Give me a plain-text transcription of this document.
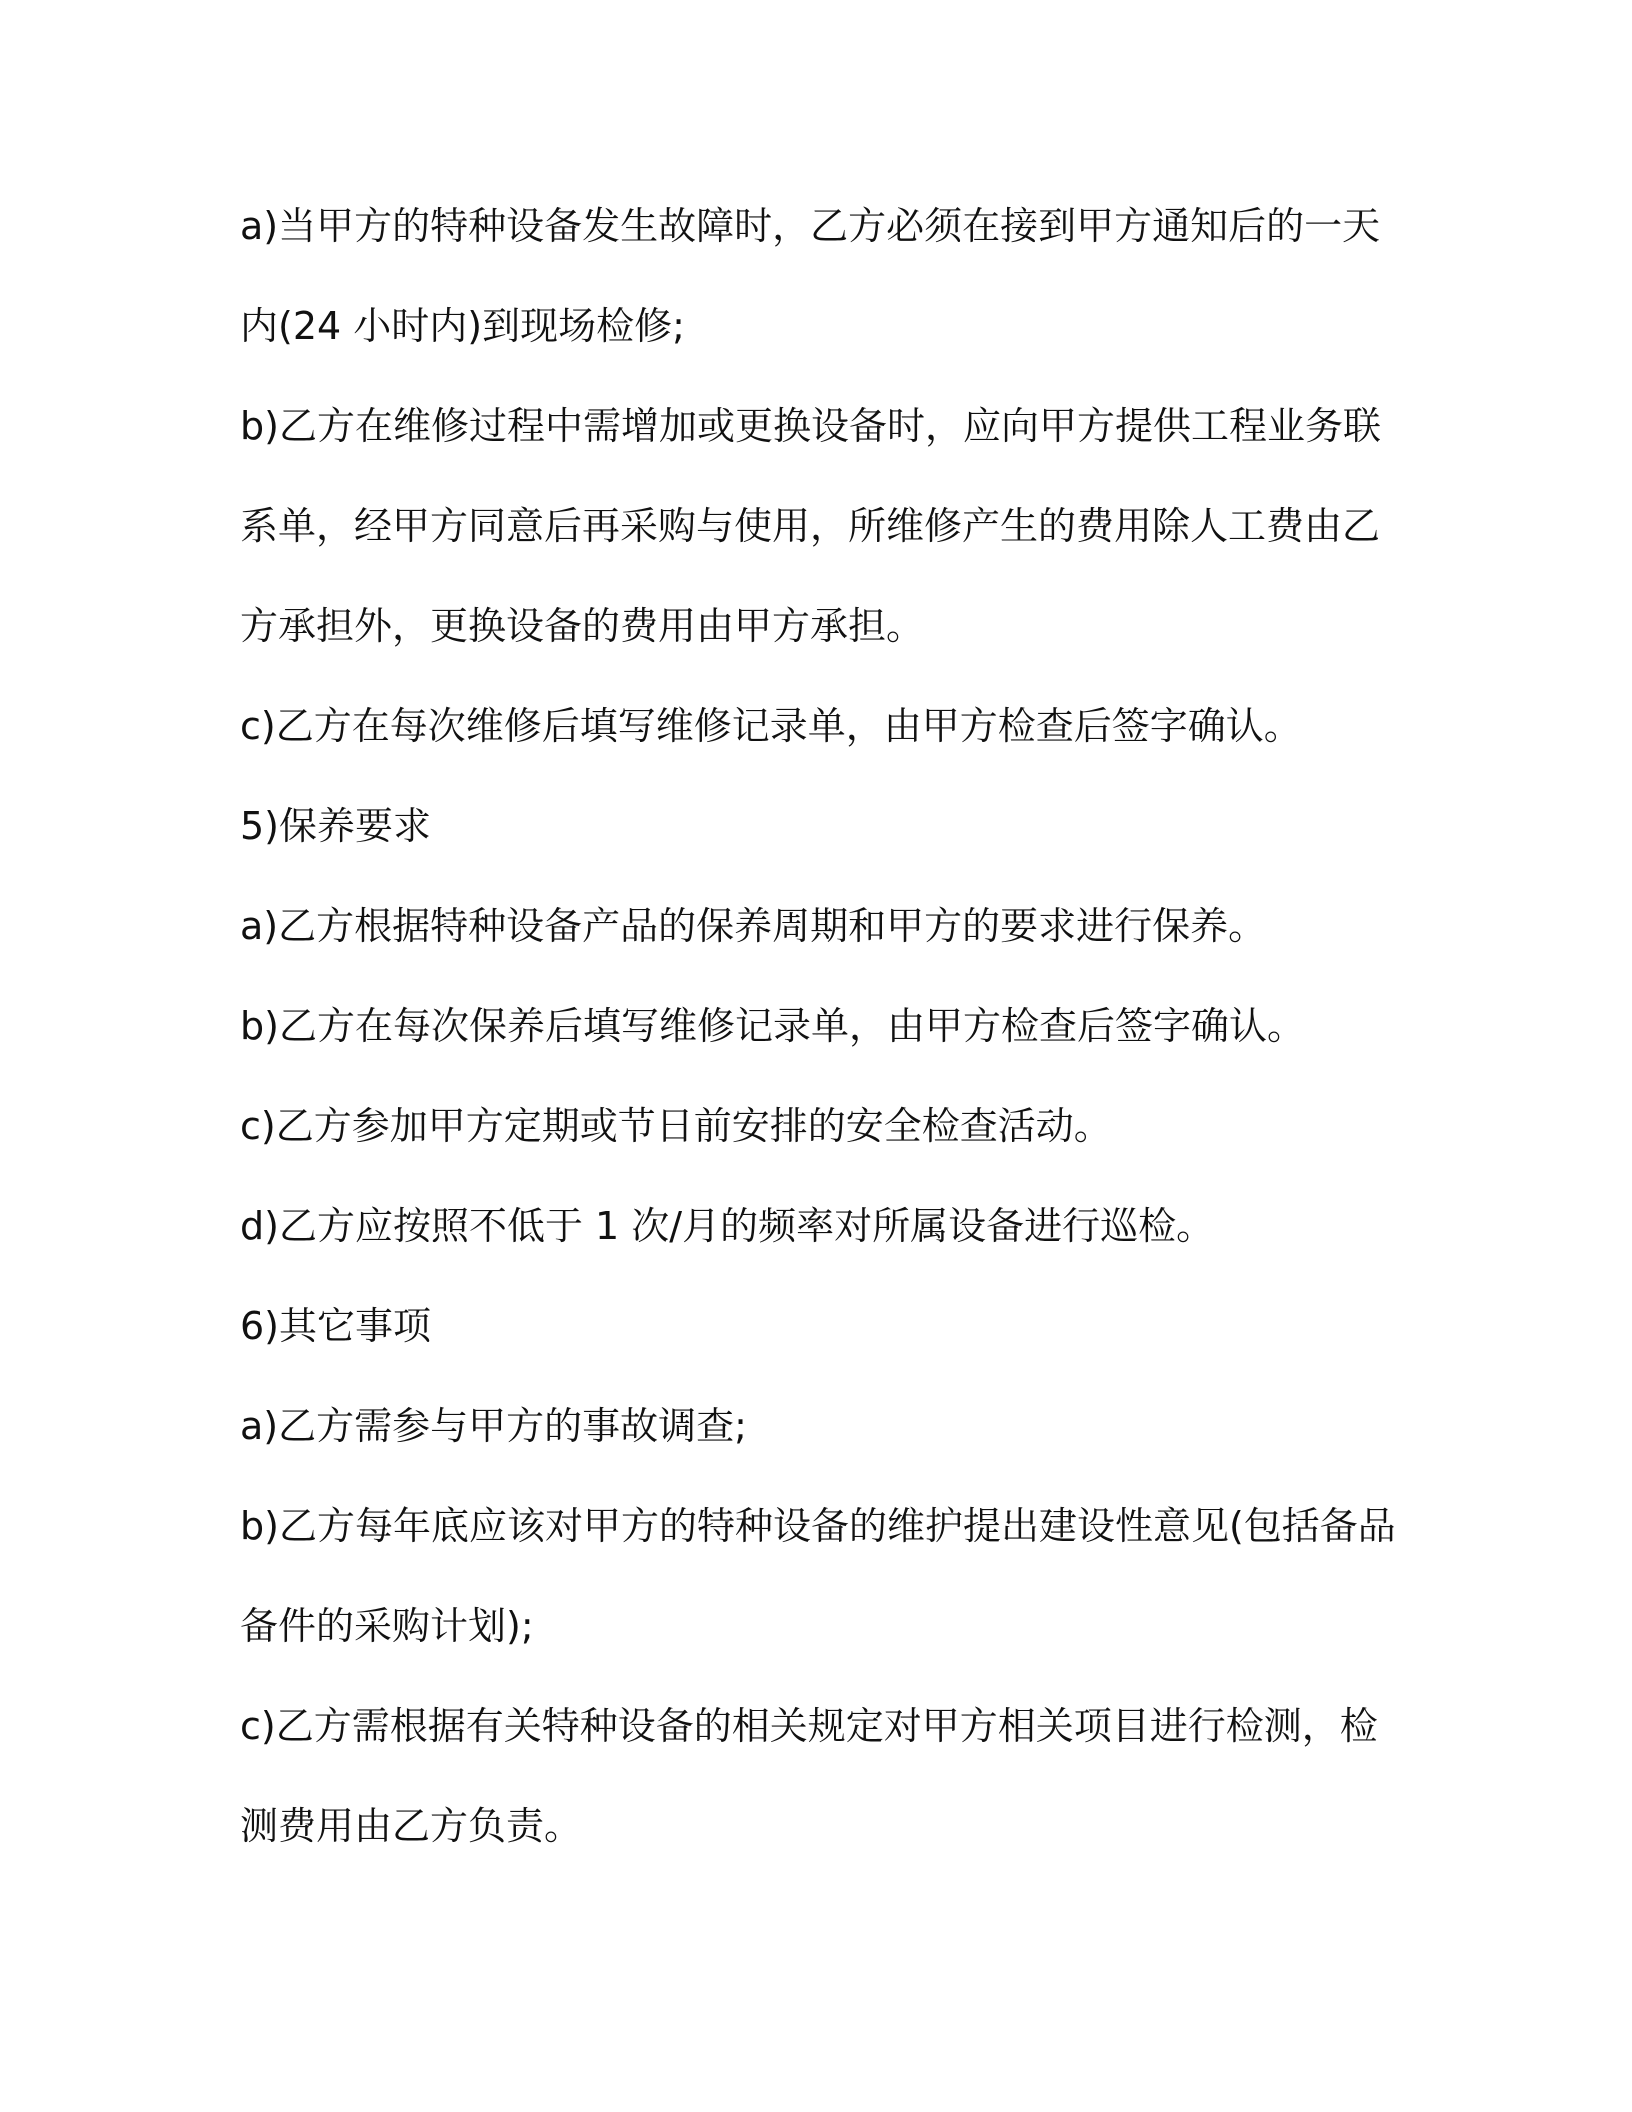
a)当甲方的特种设备发生故障时，乙方必须在接到甲方通知后的一天
内(24 小时内)到现场检修;
b)乙方在维修过程中需增加或更换设备时，应向甲方提供工程业务联
系单，经甲方同意后再采购与使用，所维修产生的费用除人工费由乙
方承担外，更换设备的费用由甲方承担。
c)乙方在每次维修后填写维修记录单，由甲方检查后签字确认。
5)保养要求
a)乙方根据特种设备产品的保养周期和甲方的要求进行保养。
b)乙方在每次保养后填写维修记录单，由甲方检查后签字确认。
c)乙方参加甲方定期或节日前安排的安全检查活动。
d)乙方应按照不低于 1 次/月的频率对所属设备进行巡检。
6)其它事项
a)乙方需参与甲方的事故调查;
b)乙方每年底应该对甲方的特种设备的维护提出建设性意见(包括备品
备件的采购计划);
c)乙方需根据有关特种设备的相关规定对甲方相关项目进行检测，检
测费用由乙方负责。
